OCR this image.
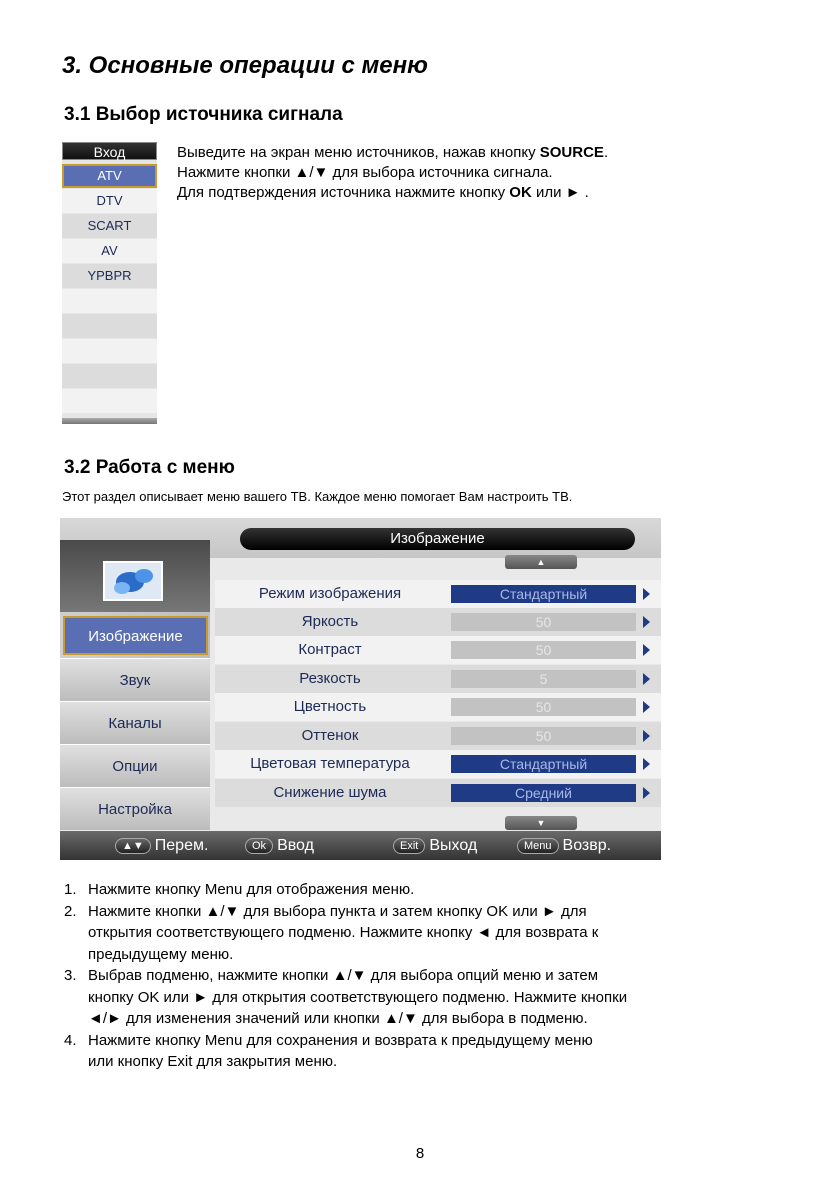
3. Основные операции с меню
3.1 Выбор источника сигнала
Вход
ATV
DTV
SCART
AV
YPBPR
Выведите на экран меню источников, нажав кнопку SOURCE.
Нажмите кнопки ▲/▼ для выбора источника сигнала.
Для подтверждения источника нажмите кнопку OK или ► .
3.2 Работа с меню
Этот раздел описывает меню вашего ТВ. Каждое меню помогает Вам настроить ТВ.
Изображение
Изображение
Звук
Каналы
Опции
Настройка
▲
Режим изображения	Стандартный
Яркость	50
Контраст	50
Резкость	5
Цветность	50
Оттенок	50
Цветовая температура	Стандартный
Снижение шума	Средний
▼
▲▼ Перем.	Ok Ввод	Exit Выход	Menu Возвр.
1. Нажмите кнопку Menu для отображения меню.
2. Нажмите кнопки ▲/▼ для выбора пункта и затем кнопку OK или ► для
открытия соответствующего подменю. Нажмите кнопку ◄ для возврата к
предыдущему меню.
3. Выбрав подменю, нажмите кнопки ▲/▼ для выбора опций меню и затем
кнопку OK или ► для открытия соответствующего подменю. Нажмите кнопки
◄/► для изменения значений или кнопки ▲/▼ для выбора в подменю.
4. Нажмите кнопку Menu для сохранения и возврата к предыдущему меню
или кнопку Exit для закрытия меню.
8
